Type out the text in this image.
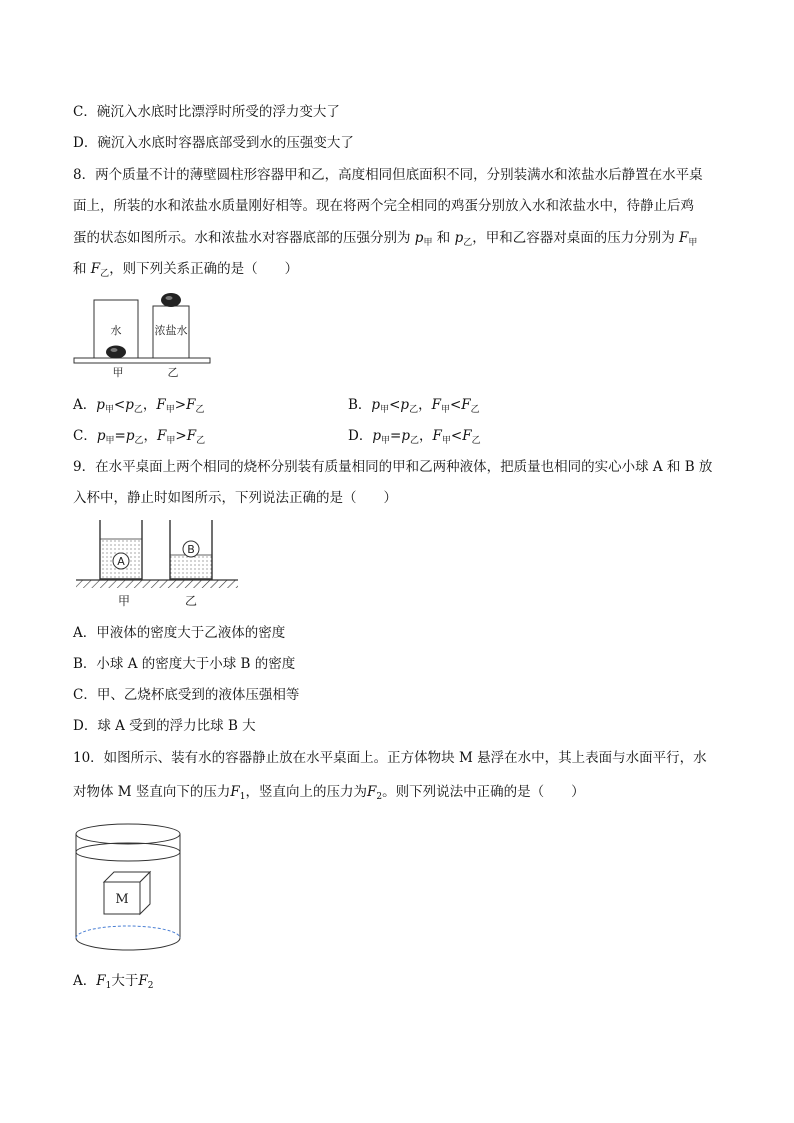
C．碗沉入水底时比漂浮时所受的浮力变大了
D．碗沉入水底时容器底部受到水的压强变大了
8．两个质量不计的薄壁圆柱形容器甲和乙，高度相同但底面积不同，分别装满水和浓盐水后静置在水平桌
面上，所装的水和浓盐水质量刚好相等。现在将两个完全相同的鸡蛋分别放入水和浓盐水中，待静止后鸡
蛋的状态如图所示。水和浓盐水对容器底部的压强分别为 $p_甲$ 和 $p_乙$，甲和乙容器对桌面的压力分别为 $F_甲$
和 $F_乙$，则下列关系正确的是（　　）
水	浓盐水
甲	乙
A．$p_甲<p_乙$，$F_甲>F_乙$	B．$p_甲<p_乙$，$F_甲<F_乙$
C．$p_甲=p_乙$，$F_甲>F_乙$	D．$p_甲=p_乙$，$F_甲<F_乙$
9．在水平桌面上两个相同的烧杯分别装有质量相同的甲和乙两种液体，把质量也相同的实心小球 A 和 B 放
入杯中，静止时如图所示，下列说法正确的是（　　）
A
B
甲	乙
A．甲液体的密度大于乙液体的密度
B．小球 A 的密度大于小球 B 的密度
C．甲、乙烧杯底受到的液体压强相等
D．球 A 受到的浮力比球 B 大
10．如图所示、装有水的容器静止放在水平桌面上。正方体物块 M 悬浮在水中，其上表面与水面平行，水
对物体 M 竖直向下的压力$F_1$，竖直向上的压力为$F_2$。则下列说法中正确的是（　　）
M
A．$F_1$大于$F_2$
